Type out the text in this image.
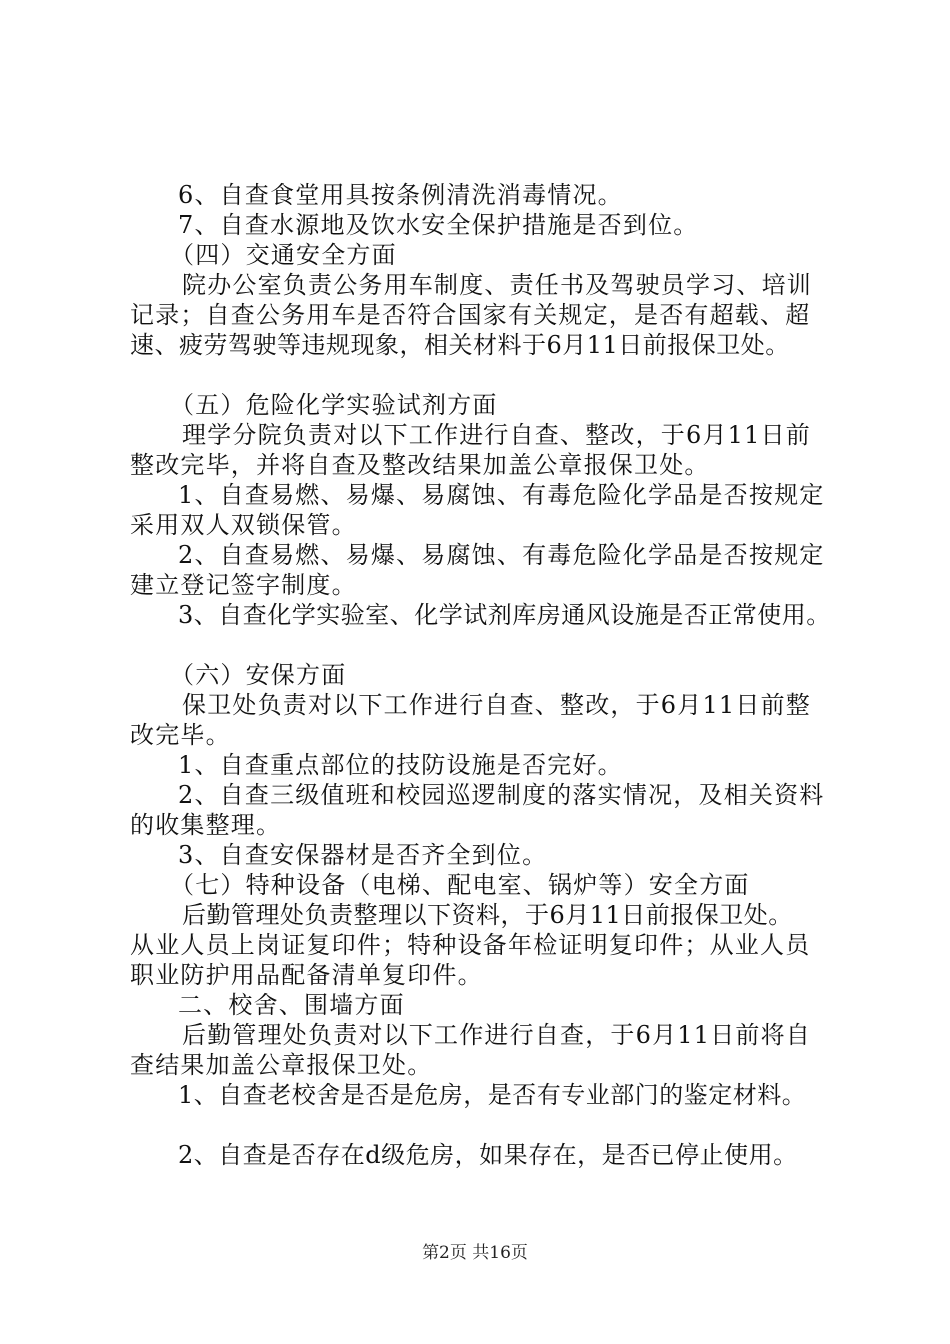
6、自查食堂用具按条例清洗消毒情况。
7、自查水源地及饮水安全保护措施是否到位。
（四）交通安全方面
院办公室负责公务用车制度、责任书及驾驶员学习、培训
记录；自查公务用车是否符合国家有关规定，是否有超载、超
速、疲劳驾驶等违规现象，相关材料于6月11日前报保卫处。
（五）危险化学实验试剂方面
理学分院负责对以下工作进行自查、整改，于6月11日前
整改完毕，并将自查及整改结果加盖公章报保卫处。
1、自查易燃、易爆、易腐蚀、有毒危险化学品是否按规定
采用双人双锁保管。
2、自查易燃、易爆、易腐蚀、有毒危险化学品是否按规定
建立登记签字制度。
3、自查化学实验室、化学试剂库房通风设施是否正常使用。
（六）安保方面
保卫处负责对以下工作进行自查、整改，于6月11日前整
改完毕。
1、自查重点部位的技防设施是否完好。
2、自查三级值班和校园巡逻制度的落实情况，及相关资料
的收集整理。
3、自查安保器材是否齐全到位。
（七）特种设备（电梯、配电室、锅炉等）安全方面
后勤管理处负责整理以下资料，于6月11日前报保卫处。
从业人员上岗证复印件；特种设备年检证明复印件；从业人员
职业防护用品配备清单复印件。
二、校舍、围墙方面
后勤管理处负责对以下工作进行自查，于6月11日前将自
查结果加盖公章报保卫处。
1、自查老校舍是否是危房，是否有专业部门的鉴定材料。
2、自查是否存在d级危房，如果存在，是否已停止使用。
第2页 共16页
